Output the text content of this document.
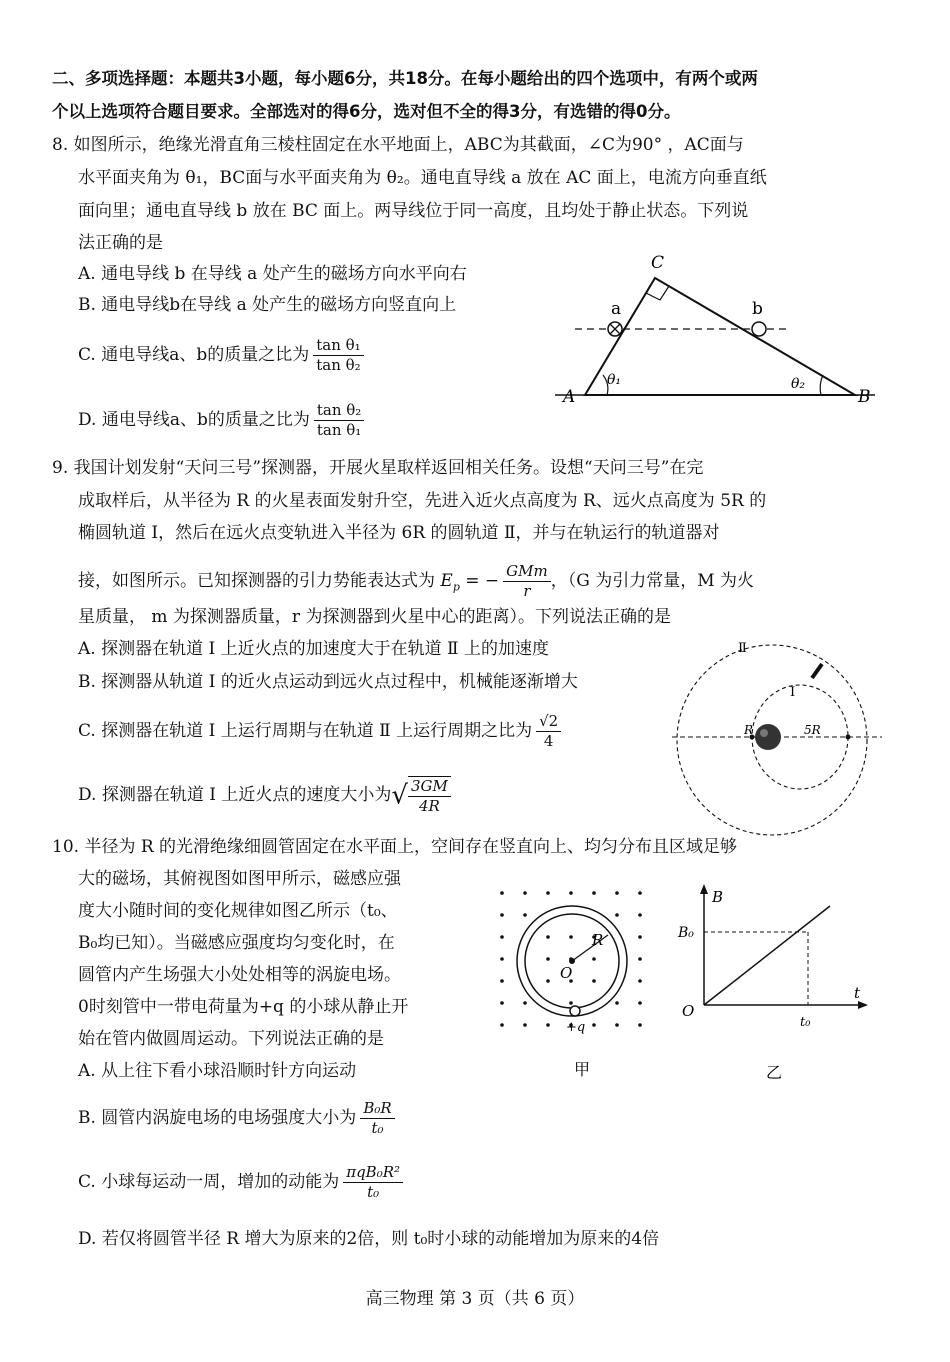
二、多项选择题：本题共3小题，每小题6分，共18分。在每小题给出的四个选项中，有两个或两
个以上选项符合题目要求。全部选对的得6分，选对但不全的得3分，有选错的得0分。
8. 如图所示，绝缘光滑直角三棱柱固定在水平地面上，ABC为其截面，∠C为90° ，AC面与
水平面夹角为 θ₁，BC面与水平面夹角为 θ₂。通电直导线 a 放在 AC 面上，电流方向垂直纸
面向里；通电直导线 b 放在 BC 面上。两导线位于同一高度，且均处于静止状态。下列说
法正确的是
A. 通电导线 b 在导线 a 处产生的磁场方向水平向右
B. 通电导线b在导线 a 处产生的磁场方向竖直向上
C. 通电导线a、b的质量之比为 $\frac{\text{tan θ₁}}{\text{tan θ₂}}$
D. 通电导线a、b的质量之比为 $\frac{\text{tan θ₂}}{\text{tan θ₁}}$
C
a	b
A	B
θ₁	θ₂
9. 我国计划发射“天问三号”探测器，开展火星取样返回相关任务。设想“天问三号”在完
成取样后，从半径为 R 的火星表面发射升空，先进入近火点高度为 R、远火点高度为 5R 的
椭圆轨道 Ⅰ，然后在远火点变轨进入半径为 6R 的圆轨道 Ⅱ，并与在轨运行的轨道器对
接，如图所示。已知探测器的引力势能表达式为 $E_p$ = − $\frac{\text{GMm}}{r}$ ，（G 为引力常量，M 为火
星质量， m 为探测器质量，r 为探测器到火星中心的距离）。下列说法正确的是
A. 探测器在轨道 Ⅰ 上近火点的加速度大于在轨道 Ⅱ 上的加速度
B. 探测器从轨道 Ⅰ 的近火点运动到远火点过程中，机械能逐渐增大
C. 探测器在轨道 Ⅰ 上运行周期与在轨道 Ⅱ 上运行周期之比为 $\frac{√2}{4}$
D. 探测器在轨道 Ⅰ 上近火点的速度大小为√ $\frac{3GM}{4R}$
Ⅱ
Ⅰ
R	5R
10. 半径为 R 的光滑绝缘细圆管固定在水平面上，空间存在竖直向上、均匀分布且区域足够
大的磁场，其俯视图如图甲所示，磁感应强
度大小随时间的变化规律如图乙所示（t₀、
B₀均已知）。当磁感应强度均匀变化时，在
圆管内产生场强大小处处相等的涡旋电场。
0时刻管中一带电荷量为+q 的小球从静止开
始在管内做圆周运动。下列说法正确的是
A. 从上往下看小球沿顺时针方向运动
B. 圆管内涡旋电场的电场强度大小为 $\frac{\text{B₀R}}{\text{t₀}}$
C. 小球每运动一周，增加的动能为 $\frac{\text{πqB₀R²}}{\text{t₀}}$
D. 若仅将圆管半径 R 增大为原来的2倍，则 t₀时小球的动能增加为原来的4倍
R
O
+q
甲
B
B₀
O
t
t₀
乙
高三物理 第 3 页（共 6 页）
